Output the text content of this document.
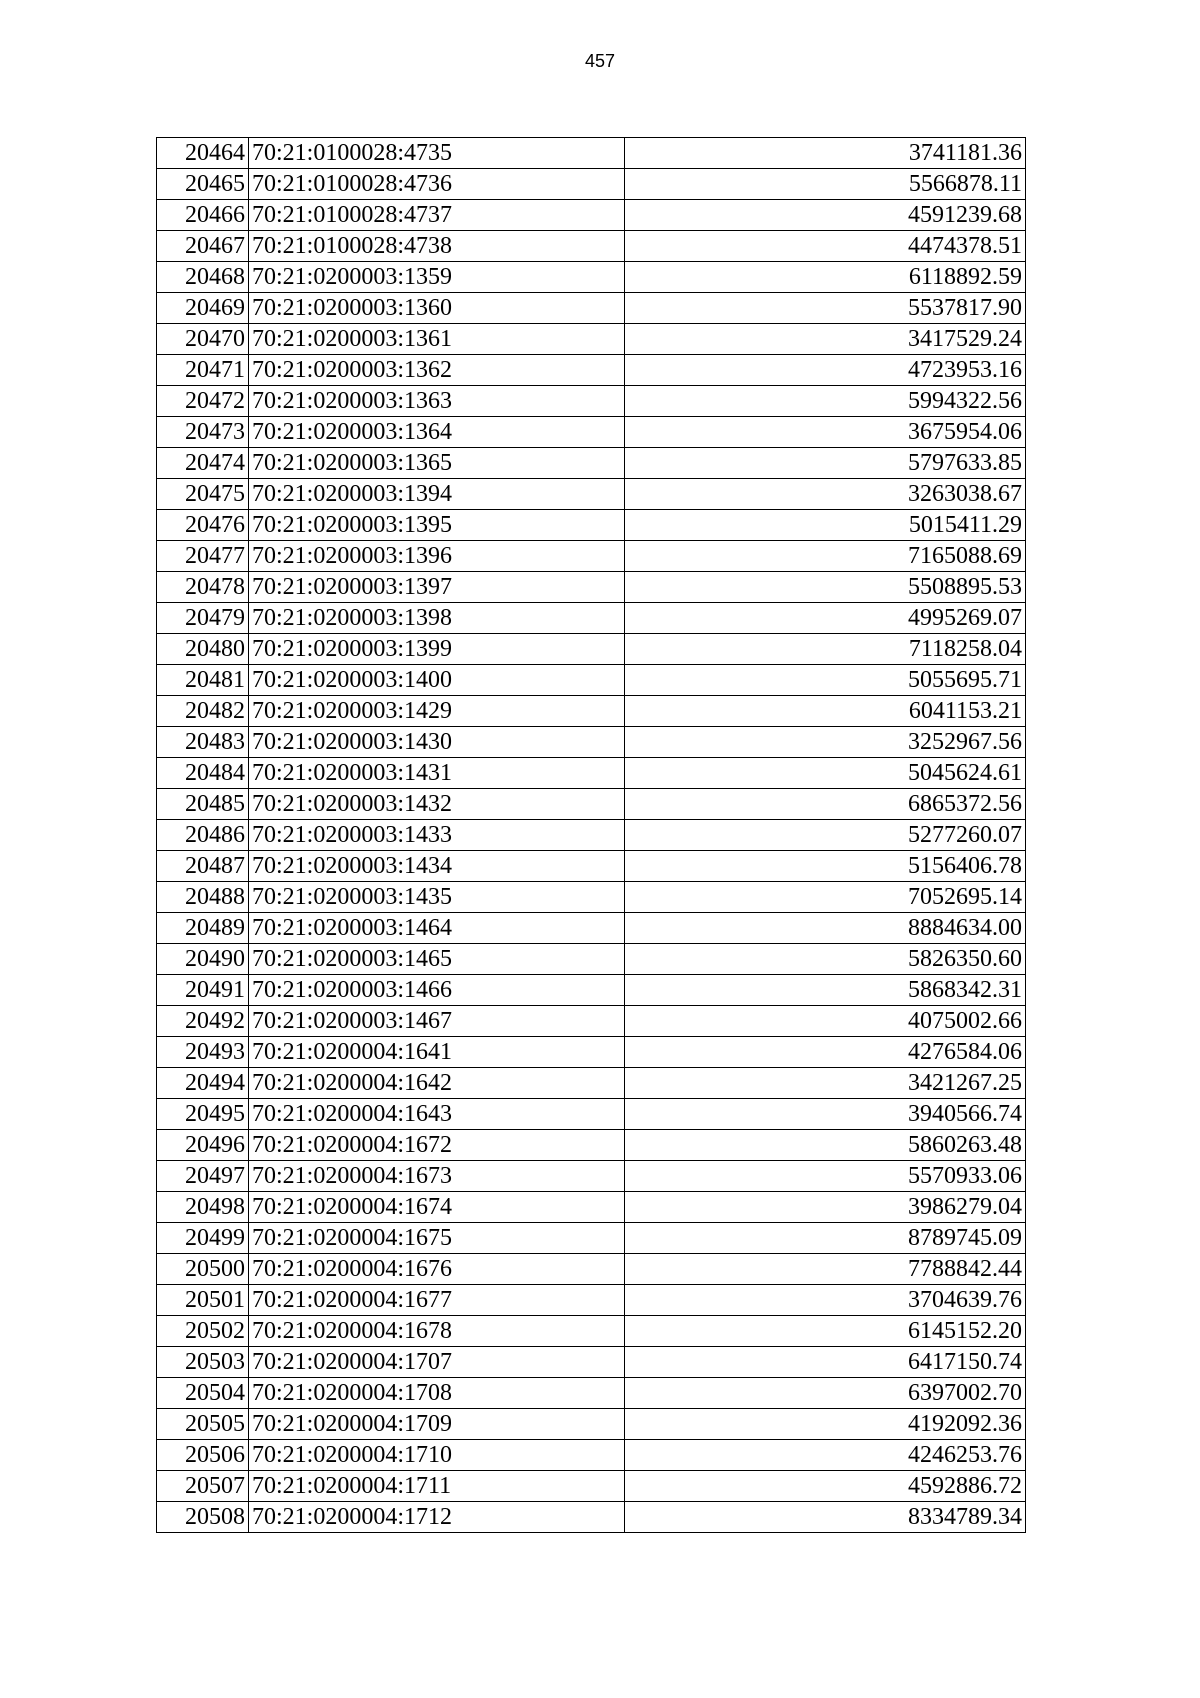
457
20464	70:21:0100028:4735	3741181.36
20465	70:21:0100028:4736	5566878.11
20466	70:21:0100028:4737	4591239.68
20467	70:21:0100028:4738	4474378.51
20468	70:21:0200003:1359	6118892.59
20469	70:21:0200003:1360	5537817.90
20470	70:21:0200003:1361	3417529.24
20471	70:21:0200003:1362	4723953.16
20472	70:21:0200003:1363	5994322.56
20473	70:21:0200003:1364	3675954.06
20474	70:21:0200003:1365	5797633.85
20475	70:21:0200003:1394	3263038.67
20476	70:21:0200003:1395	5015411.29
20477	70:21:0200003:1396	7165088.69
20478	70:21:0200003:1397	5508895.53
20479	70:21:0200003:1398	4995269.07
20480	70:21:0200003:1399	7118258.04
20481	70:21:0200003:1400	5055695.71
20482	70:21:0200003:1429	6041153.21
20483	70:21:0200003:1430	3252967.56
20484	70:21:0200003:1431	5045624.61
20485	70:21:0200003:1432	6865372.56
20486	70:21:0200003:1433	5277260.07
20487	70:21:0200003:1434	5156406.78
20488	70:21:0200003:1435	7052695.14
20489	70:21:0200003:1464	8884634.00
20490	70:21:0200003:1465	5826350.60
20491	70:21:0200003:1466	5868342.31
20492	70:21:0200003:1467	4075002.66
20493	70:21:0200004:1641	4276584.06
20494	70:21:0200004:1642	3421267.25
20495	70:21:0200004:1643	3940566.74
20496	70:21:0200004:1672	5860263.48
20497	70:21:0200004:1673	5570933.06
20498	70:21:0200004:1674	3986279.04
20499	70:21:0200004:1675	8789745.09
20500	70:21:0200004:1676	7788842.44
20501	70:21:0200004:1677	3704639.76
20502	70:21:0200004:1678	6145152.20
20503	70:21:0200004:1707	6417150.74
20504	70:21:0200004:1708	6397002.70
20505	70:21:0200004:1709	4192092.36
20506	70:21:0200004:1710	4246253.76
20507	70:21:0200004:1711	4592886.72
20508	70:21:0200004:1712	8334789.34
